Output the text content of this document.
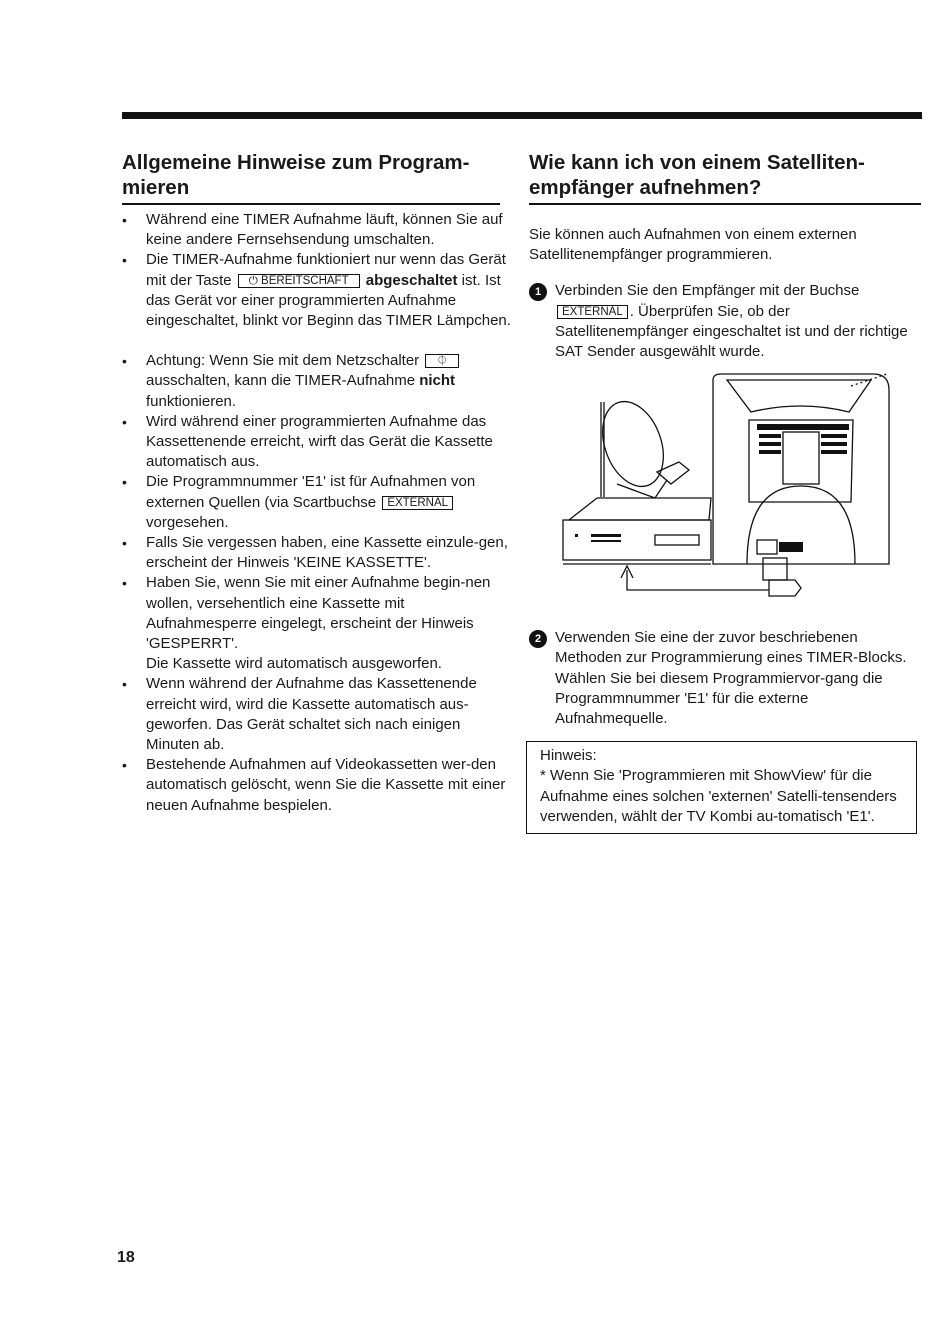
Allgemeine Hinweise zum Program-mieren
• Während eine TIMER Aufnahme läuft, können Sie auf keine andere Fernsehsendung umschalten.
• Die TIMER-Aufnahme funktioniert nur wenn das Gerät mit der Taste ⏻ BEREITSCHAFT abgeschaltet ist. Ist das Gerät vor einer programmierten Aufnahme eingeschaltet, blinkt vor Beginn das TIMER Lämpchen.
• Achtung: Wenn Sie mit dem Netzschalter ⏀ ausschalten, kann die TIMER-Aufnahme nicht funktionieren.
• Wird während einer programmierten Aufnahme das Kassettenende erreicht, wirft das Gerät die Kassette automatisch aus.
• Die Programmnummer 'E1' ist für Aufnahmen von externen Quellen (via Scartbuchse EXTERNAL vorgesehen.
• Falls Sie vergessen haben, eine Kassette einzule-gen, erscheint der Hinweis 'KEINE KASSETTE'.
• Haben Sie, wenn Sie mit einer Aufnahme begin-nen wollen, versehentlich eine Kassette mit Aufnahmesperre eingelegt, erscheint der Hinweis 'GESPERRT'.
Die Kassette wird automatisch ausgeworfen.
• Wenn während der Aufnahme das Kassettenende erreicht wird, wird die Kassette automatisch aus-geworfen. Das Gerät schaltet sich nach einigen Minuten ab.
• Bestehende Aufnahmen auf Videokassetten wer-den automatisch gelöscht, wenn Sie die Kassette mit einer neuen Aufnahme bespielen.
Wie kann ich von einem Satelliten-empfänger aufnehmen?

Sie können auch Aufnahmen von einem externen Satellitenempfänger programmieren.

1 Verbinden Sie den Empfänger mit der Buchse
EXTERNAL . Überprüfen Sie, ob der Satellitenempfänger eingeschaltet ist und der richtige SAT Sender ausgewählt wurde.

2 Verwenden Sie eine der zuvor beschriebenen Methoden zur Programmierung eines TIMER-Blocks. Wählen Sie bei diesem Programmiervor-gang die Programmnummer 'E1' für die externe Aufnahmequelle.

Hinweis:

* Wenn Sie 'Programmieren mit ShowView' für die Aufnahme eines solchen 'externen' Satelli-tensenders verwenden, wählt der TV Kombi au-tomatisch 'E1'.

18
